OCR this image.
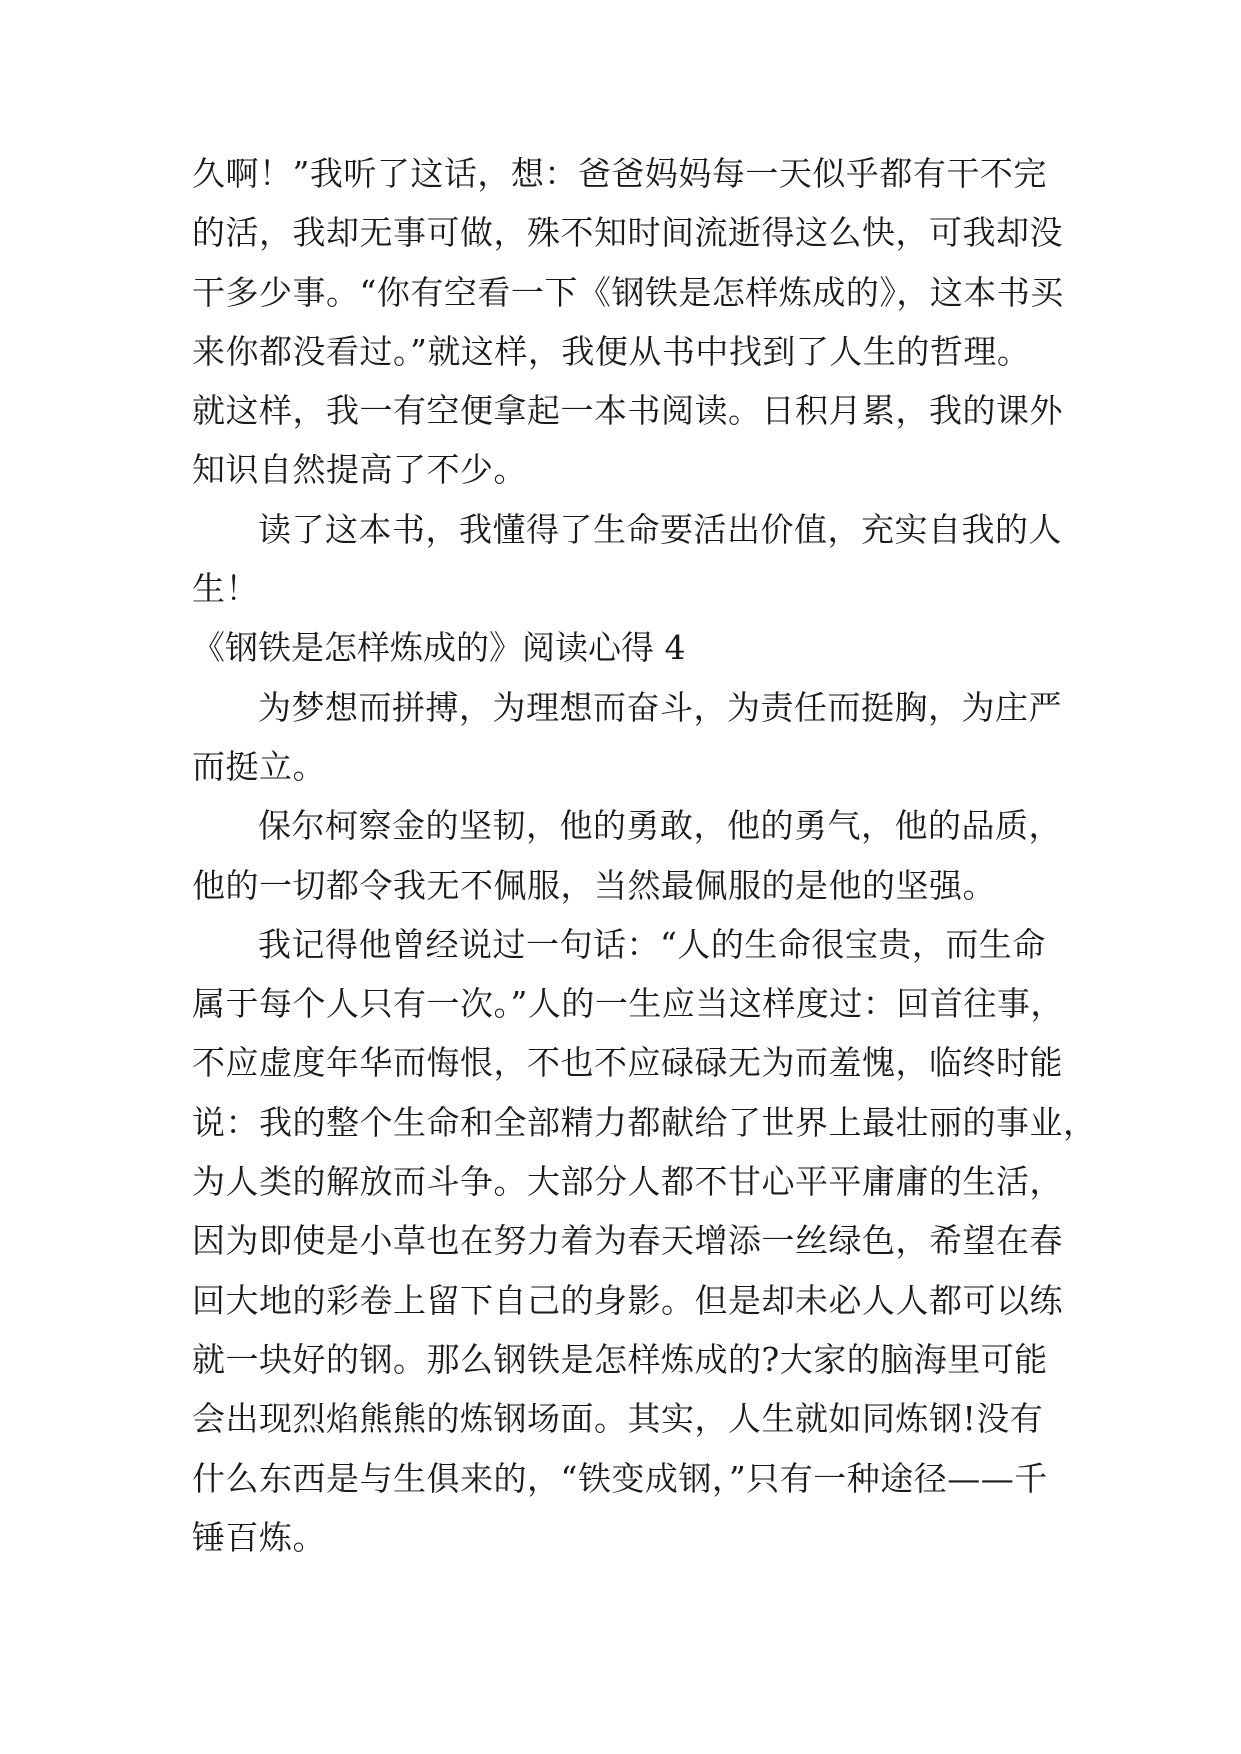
久啊！”我听了这话，想：爸爸妈妈每一天似乎都有干不完
的活，我却无事可做，殊不知时间流逝得这么快，可我却没
干多少事。“你有空看一下《钢铁是怎样炼成的》，这本书买
来你都没看过。”就这样，我便从书中找到了人生的哲理。
就这样，我一有空便拿起一本书阅读。日积月累，我的课外
知识自然提高了不少。
读了这本书，我懂得了生命要活出价值，充实自我的人
生！
《钢铁是怎样炼成的》阅读心得 4
为梦想而拼搏，为理想而奋斗，为责任而挺胸，为庄严
而挺立。
保尔柯察金的坚韧，他的勇敢，他的勇气，他的品质，
他的一切都令我无不佩服，当然最佩服的是他的坚强。
我记得他曾经说过一句话：“人的生命很宝贵，而生命
属于每个人只有一次。”人的一生应当这样度过：回首往事，
不应虚度年华而悔恨，不也不应碌碌无为而羞愧，临终时能
说：我的整个生命和全部精力都献给了世界上最壮丽的事业，
为人类的解放而斗争。大部分人都不甘心平平庸庸的生活，
因为即使是小草也在努力着为春天增添一丝绿色，希望在春
回大地的彩卷上留下自己的身影。但是却未必人人都可以练
就一块好的钢。那么钢铁是怎样炼成的?大家的脑海里可能
会出现烈焰熊熊的炼钢场面。其实，人生就如同炼钢!没有
什么东西是与生俱来的，“铁变成钢，”只有一种途径——千
锤百炼。
